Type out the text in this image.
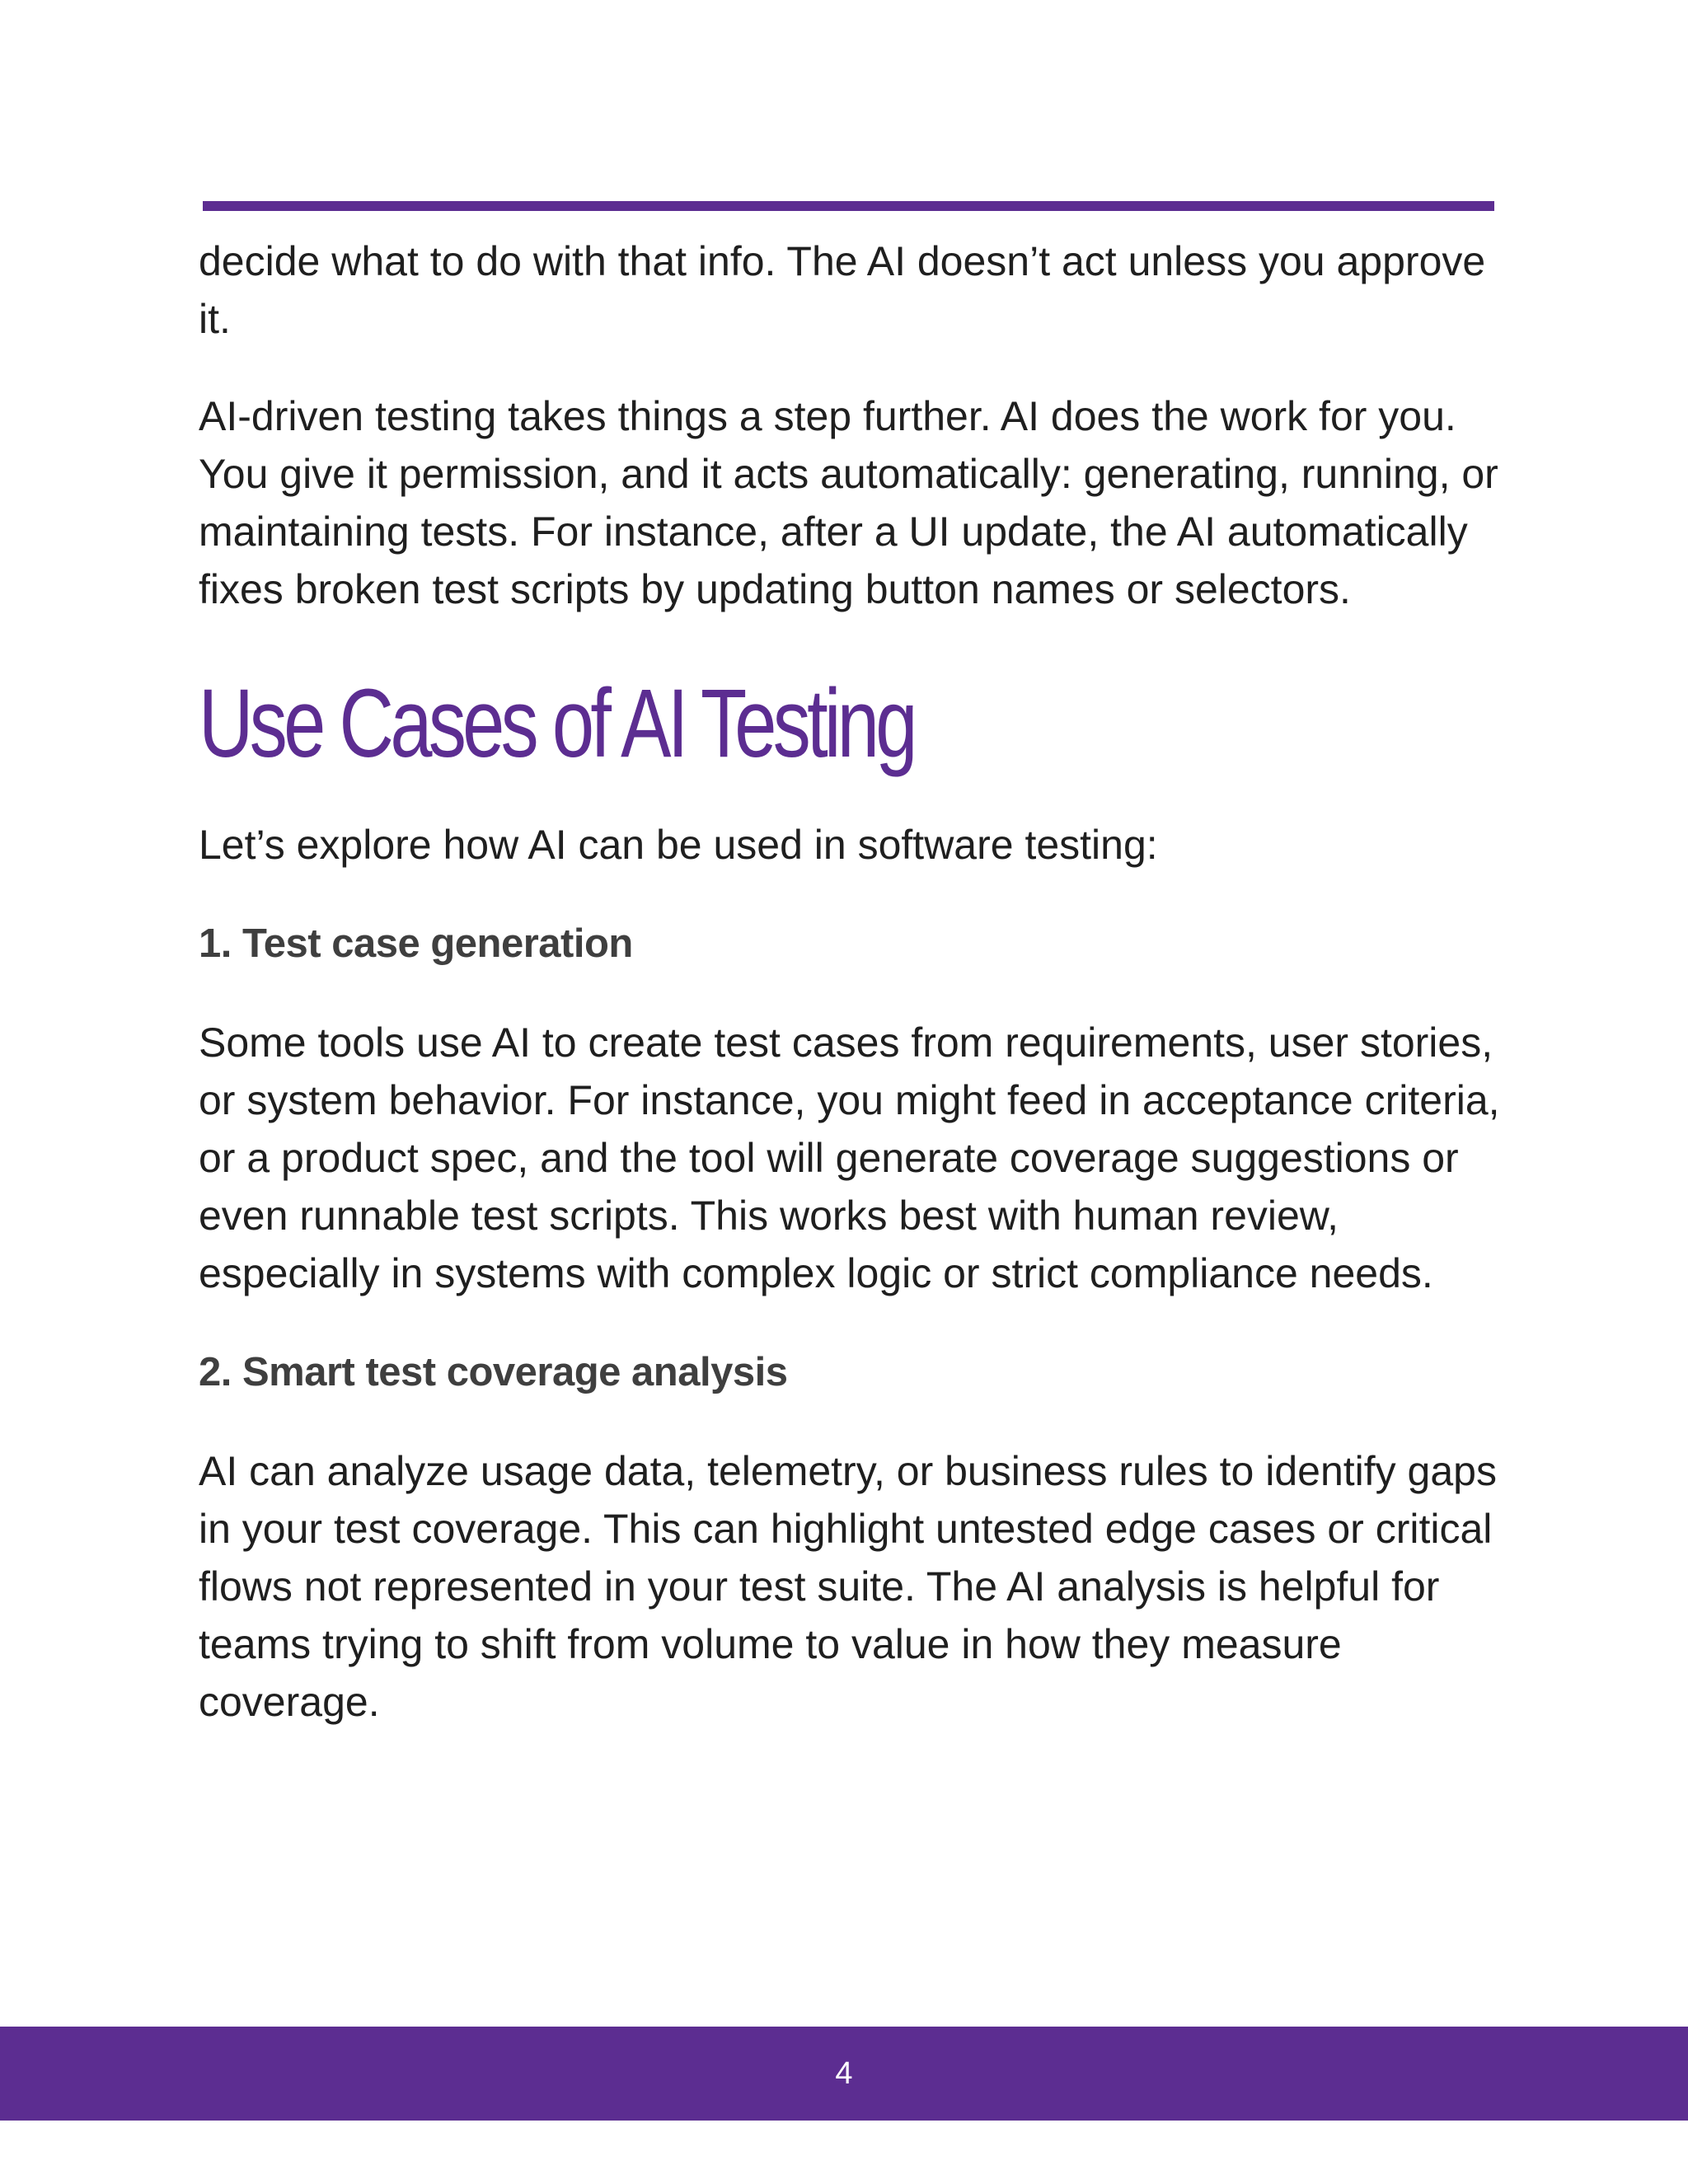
decide what to do with that info. The AI doesn’t act unless you approve it.

AI-driven testing takes things a step further. AI does the work for you. You give it permission, and it acts automatically: generating, running, or maintaining tests. For instance, after a UI update, the AI automatically fixes broken test scripts by updating button names or selectors.

Use Cases of AI Testing

Let’s explore how AI can be used in software testing:

1. Test case generation

Some tools use AI to create test cases from requirements, user stories, or system behavior. For instance, you might feed in acceptance criteria, or a product spec, and the tool will generate coverage suggestions or even runnable test scripts. This works best with human review, especially in systems with complex logic or strict compliance needs.

2. Smart test coverage analysis

AI can analyze usage data, telemetry, or business rules to identify gaps in your test coverage. This can highlight untested edge cases or critical flows not represented in your test suite. The AI analysis is helpful for teams trying to shift from volume to value in how they measure coverage.

4
